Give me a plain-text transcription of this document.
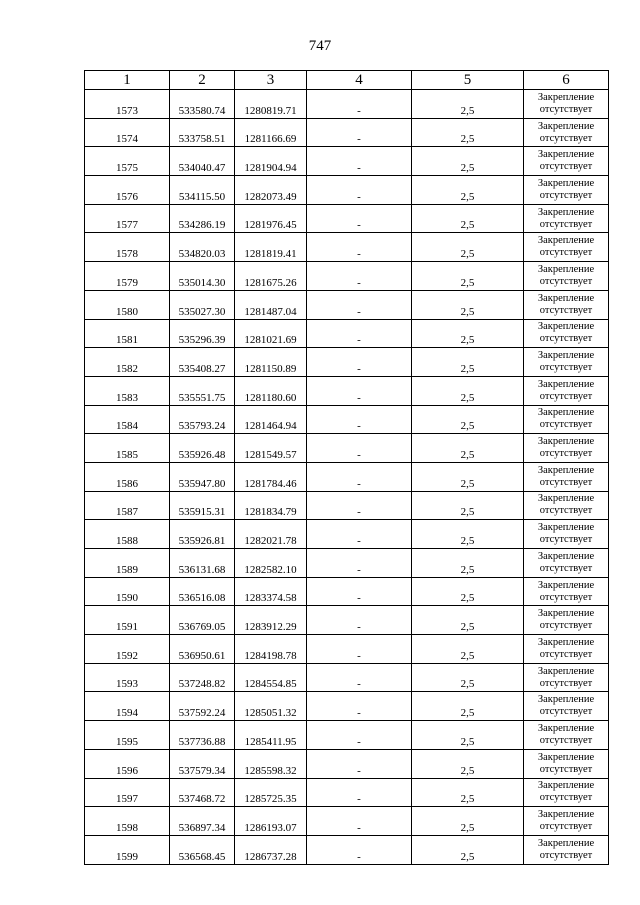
747
1	2	3	4	5	6
1573	533580.74	1280819.71	-	2,5	Закрепление
отсутствует

1574	533758.51	1281166.69	-	2,5	Закрепление
отсутствует

1575	534040.47	1281904.94	-	2,5	Закрепление
отсутствует

1576	534115.50	1282073.49	-	2,5	Закрепление
отсутствует

1577	534286.19	1281976.45	-	2,5	Закрепление
отсутствует

1578	534820.03	1281819.41	-	2,5	Закрепление
отсутствует

1579	535014.30	1281675.26	-	2,5	Закрепление
отсутствует

1580	535027.30	1281487.04	-	2,5	Закрепление
отсутствует

1581	535296.39	1281021.69	-	2,5	Закрепление
отсутствует

1582	535408.27	1281150.89	-	2,5	Закрепление
отсутствует

1583	535551.75	1281180.60	-	2,5	Закрепление
отсутствует

1584	535793.24	1281464.94	-	2,5	Закрепление
отсутствует

1585	535926.48	1281549.57	-	2,5	Закрепление
отсутствует

1586	535947.80	1281784.46	-	2,5	Закрепление
отсутствует

1587	535915.31	1281834.79	-	2,5	Закрепление
отсутствует

1588	535926.81	1282021.78	-	2,5	Закрепление
отсутствует

1589	536131.68	1282582.10	-	2,5	Закрепление
отсутствует

1590	536516.08	1283374.58	-	2,5	Закрепление
отсутствует

1591	536769.05	1283912.29	-	2,5	Закрепление
отсутствует

1592	536950.61	1284198.78	-	2,5	Закрепление
отсутствует

1593	537248.82	1284554.85	-	2,5	Закрепление
отсутствует

1594	537592.24	1285051.32	-	2,5	Закрепление
отсутствует

1595	537736.88	1285411.95	-	2,5	Закрепление
отсутствует

1596	537579.34	1285598.32	-	2,5	Закрепление
отсутствует

1597	537468.72	1285725.35	-	2,5	Закрепление
отсутствует

1598	536897.34	1286193.07	-	2,5	Закрепление
отсутствует

1599	536568.45	1286737.28	-	2,5	Закрепление
отсутствует
